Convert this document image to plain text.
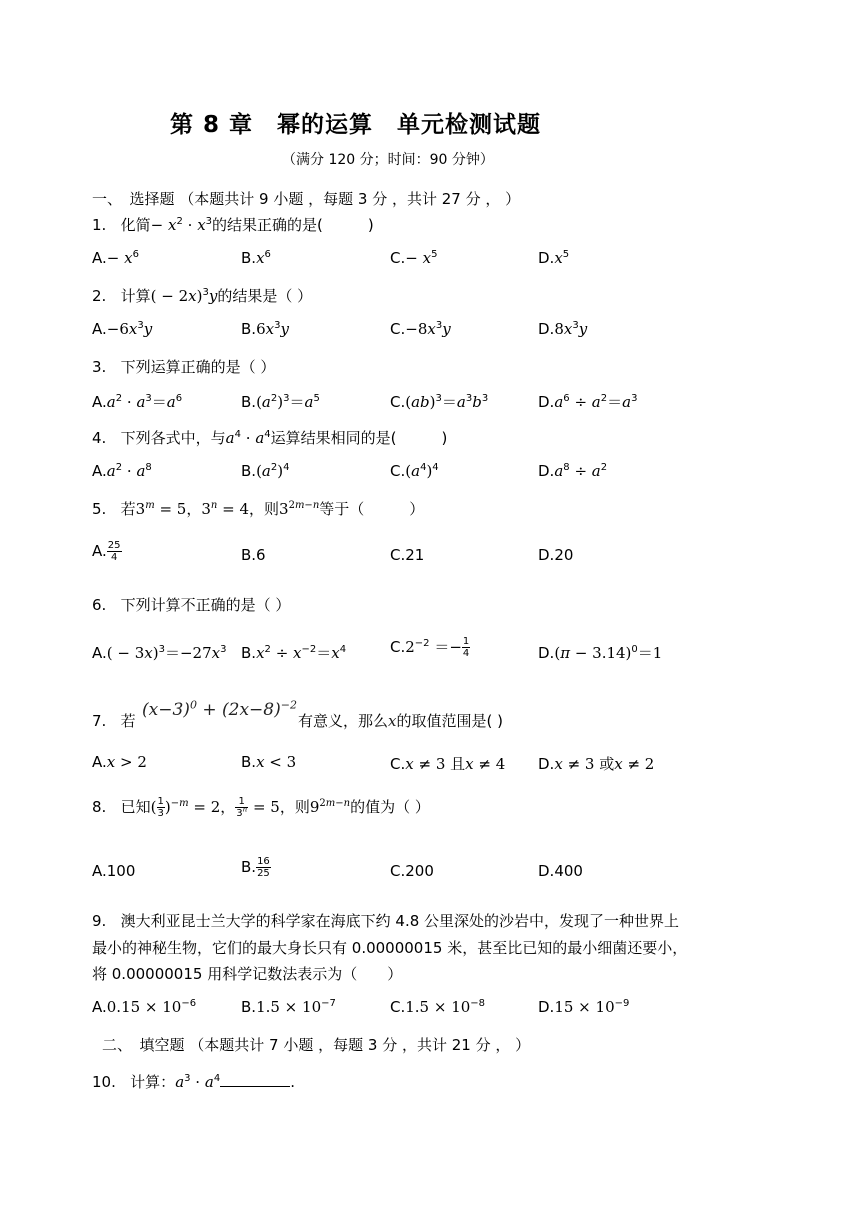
第 8 章　幂的运算　单元检测试题
（满分 120 分；时间：90 分钟）
一、　选择题 （本题共计 9 小题 ，每题 3 分 ，共计 27 分 ， ）
1. 化简− $x^2 \cdot x^3$的结果正确的是(　　　)
$A.- x^6$	$B.x^6$	$C.- x^5$	$D.x^5$
2. 计算( − 2x)$^3$y的结果是（ ）
$A.-6x^3y$	$B.6x^3y$	$C.-8x^3y$	$D.8x^3y$
3. 下列运算正确的是（ ）
$A.a^2 \cdot a^3=a^6$	$B.(a^2)^3=a^5$	$C.(ab)^3=a^3b^3$	$D.a^6 \div a^2=a^3$
4. 下列各式中，与$a^4 \cdot a^4$运算结果相同的是(　　　)
$A.a^2 \cdot a^8$	$B.(a^2)^4$	$C.(a^4)^4$	$D.a^8 \div a^2$
5. 若$3^m = 5$，$3^n = 4$，则$3^{2m-n}$等于（　　　）
A. $\frac{25}{4}$	B.6	C.21	D.20
6. 下列计算不正确的是（ ）
$A.( - 3x)^3=-27x^3$ $B.x^2 \div x^{-2}=x^4$	$C.2^{-2} =- \frac{1}{4}$	$D.(\pi - 3.14)^0=1$
7. 若
$(x-3)^0 + (2x-8)^{-2}$
有意义，那么x的取值范围是( )
A.x > 2	B.x < 3	C.x ≠ 3 且x ≠ 4 D.x ≠ 3 或x ≠ 2
8. 已知( $\frac{1}{3} )^{-m} = 2$， $\frac{1}{3^n} = 5$，则$9^{2m-n}$的值为（ ）
A.100	B. $\frac{16}{25}$	C.200	D.400
9. 澳大利亚昆士兰大学的科学家在海底下约 4.8 公里深处的沙岩中，发现了一种世界上
最小的神秘生物，它们的最大身长只有 0.00000015 米，甚至比已知的最小细菌还要小，
将 0.00000015 用科学记数法表示为（　　）
$A.0.15 \times 10^{-6}$	$B.1.5 \times 10^{-7}$	$C.1.5 \times 10^{-8}$	$D.15 \times 10^{-9}$
二、　填空题 （本题共计 7 小题 ，每题 3 分 ，共计 21 分 ， ）
10. 计算：$a^3 \cdot a^4$	.
